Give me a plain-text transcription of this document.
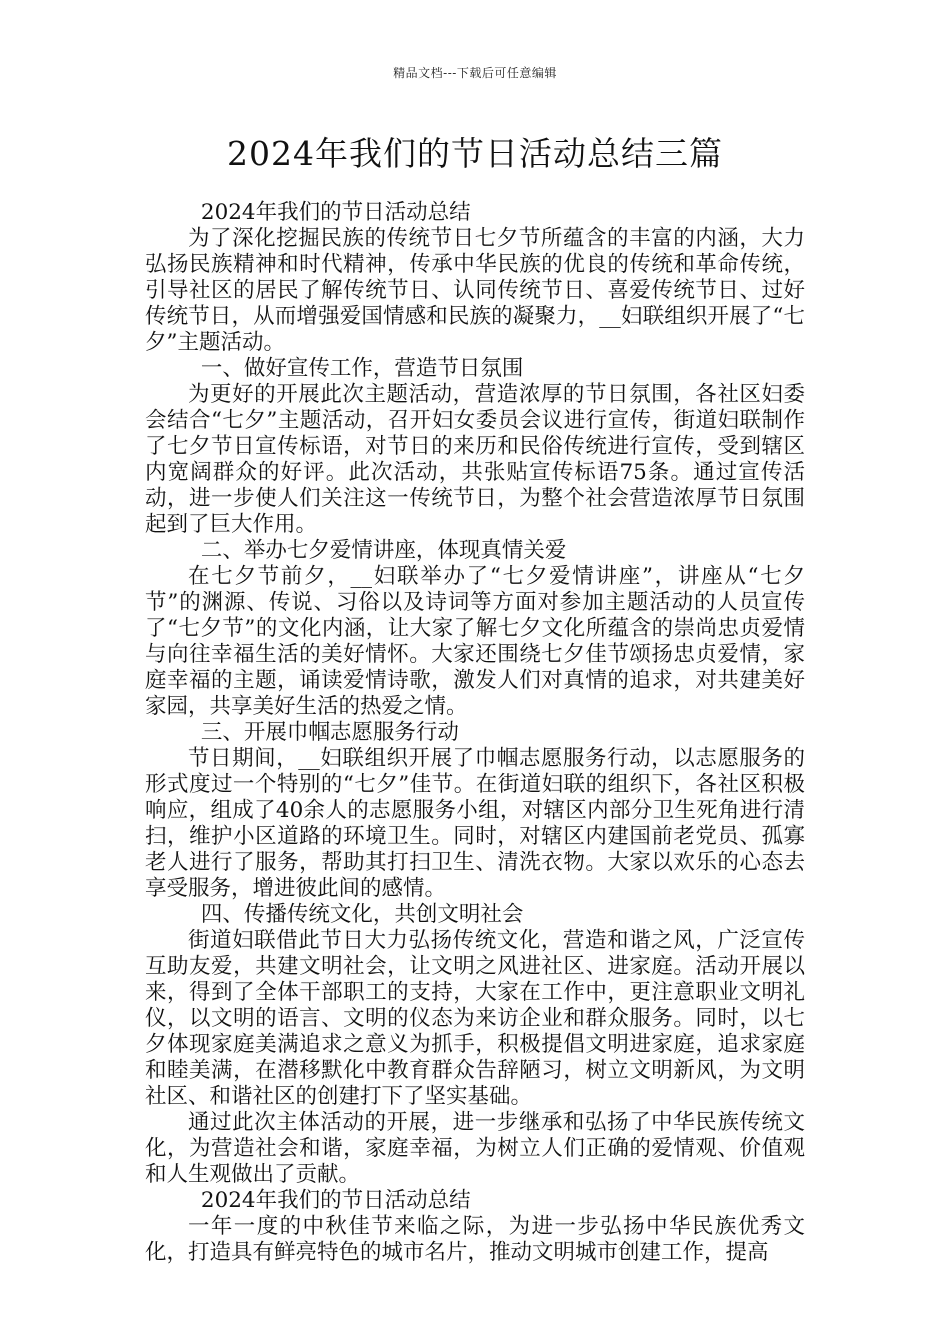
精品文档---下载后可任意编辑
2024年我们的节日活动总结三篇

2024年我们的节日活动总结

为了深化挖掘民族的传统节日七夕节所蕴含的丰富的内涵，大力弘扬民族精神和时代精神，传承中华民族的优良的传统和革命传统，引导社区的居民了解传统节日、认同传统节日、喜爱传统节日、过好传统节日，从而增强爱国情感和民族的凝聚力，__妇联组织开展了“七夕”主题活动。

一、做好宣传工作，营造节日氛围

为更好的开展此次主题活动，营造浓厚的节日氛围，各社区妇委会结合“七夕”主题活动，召开妇女委员会议进行宣传，街道妇联制作了七夕节日宣传标语，对节日的来历和民俗传统进行宣传，受到辖区内宽阔群众的好评。此次活动，共张贴宣传标语75条。通过宣传活动，进一步使人们关注这一传统节日，为整个社会营造浓厚节日氛围起到了巨大作用。

二、举办七夕爱情讲座，体现真情关爱

在七夕节前夕，__妇联举办了“七夕爱情讲座”，讲座从“七夕节”的渊源、传说、习俗以及诗词等方面对参加主题活动的人员宣传了“七夕节”的文化内涵，让大家了解七夕文化所蕴含的崇尚忠贞爱情与向往幸福生活的美好情怀。大家还围绕七夕佳节颂扬忠贞爱情，家庭幸福的主题，诵读爱情诗歌，激发人们对真情的追求，对共建美好家园，共享美好生活的热爱之情。

三、开展巾帼志愿服务行动

节日期间，__妇联组织开展了巾帼志愿服务行动，以志愿服务的形式度过一个特别的“七夕”佳节。在街道妇联的组织下，各社区积极响应，组成了40余人的志愿服务小组，对辖区内部分卫生死角进行清扫，维护小区道路的环境卫生。同时，对辖区内建国前老党员、孤寡老人进行了服务，帮助其打扫卫生、清洗衣物。大家以欢乐的心态去享受服务，增进彼此间的感情。

四、传播传统文化，共创文明社会

街道妇联借此节日大力弘扬传统文化，营造和谐之风，广泛宣传互助友爱，共建文明社会，让文明之风进社区、进家庭。活动开展以来，得到了全体干部职工的支持，大家在工作中，更注意职业文明礼仪，以文明的语言、文明的仪态为来访企业和群众服务。同时，以七夕体现家庭美满追求之意义为抓手，积极提倡文明进家庭，追求家庭和睦美满，在潜移默化中教育群众告辞陋习，树立文明新风，为文明社区、和谐社区的创建打下了坚实基础。

通过此次主体活动的开展，进一步继承和弘扬了中华民族传统文化，为营造社会和谐，家庭幸福，为树立人们正确的爱情观、价值观和人生观做出了贡献。

2024年我们的节日活动总结

一年一度的中秋佳节来临之际，为进一步弘扬中华民族优秀文化，打造具有鲜亮特色的城市名片，推动文明城市创建工作，提高
